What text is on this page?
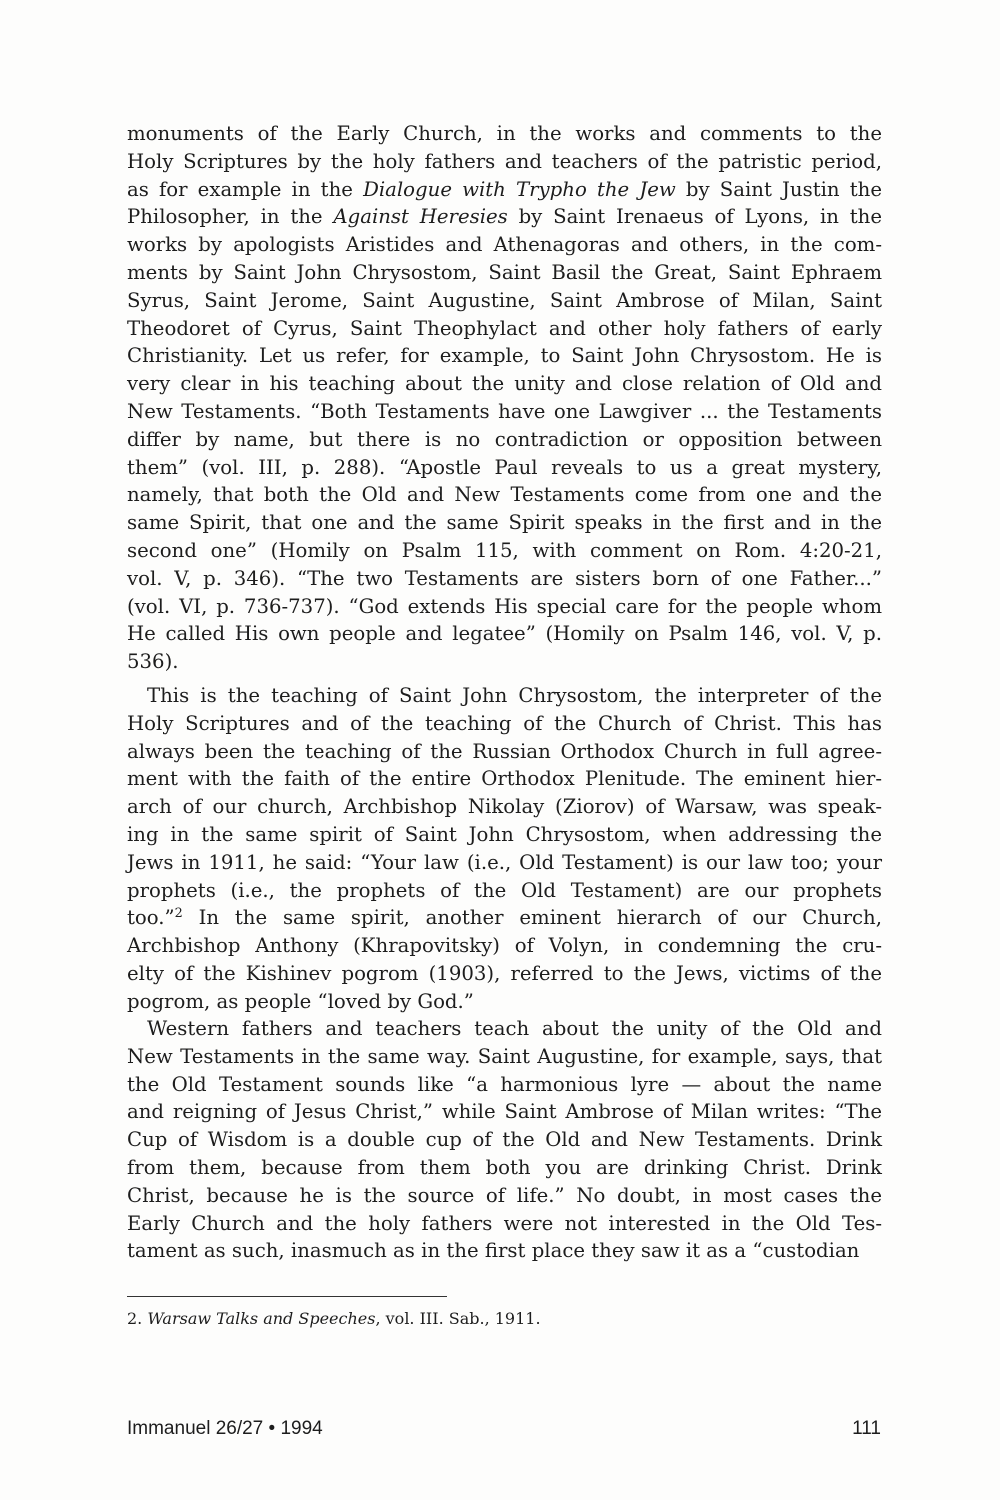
monuments of the Early Church, in the works and comments to the
Holy Scriptures by the holy fathers and teachers of the patristic period,
as for example in the Dialogue with Trypho the Jew by Saint Justin the
Philosopher, in the Against Heresies by Saint Irenaeus of Lyons, in the
works by apologists Aristides and Athenagoras and others, in the com-
ments by Saint John Chrysostom, Saint Basil the Great, Saint Ephraem
Syrus, Saint Jerome, Saint Augustine, Saint Ambrose of Milan, Saint
Theodoret of Cyrus, Saint Theophylact and other holy fathers of early
Christianity. Let us refer, for example, to Saint John Chrysostom. He is
very clear in his teaching about the unity and close relation of Old and
New Testaments. “Both Testaments have one Lawgiver ... the Testaments
differ by name, but there is no contradiction or opposition between
them” (vol. III, p. 288). “Apostle Paul reveals to us a great mystery,
namely, that both the Old and New Testaments come from one and the
same Spirit, that one and the same Spirit speaks in the first and in the
second one” (Homily on Psalm 115, with comment on Rom. 4:20-21,
vol. V, p. 346). “The two Testaments are sisters born of one Father...”
(vol. VI, p. 736-737). “God extends His special care for the people whom
He called His own people and legatee” (Homily on Psalm 146, vol. V, p.
536).
This is the teaching of Saint John Chrysostom, the interpreter of the
Holy Scriptures and of the teaching of the Church of Christ. This has
always been the teaching of the Russian Orthodox Church in full agree-
ment with the faith of the entire Orthodox Plenitude. The eminent hier-
arch of our church, Archbishop Nikolay (Ziorov) of Warsaw, was speak-
ing in the same spirit of Saint John Chrysostom, when addressing the
Jews in 1911, he said: “Your law (i.e., Old Testament) is our law too; your
prophets (i.e., the prophets of the Old Testament) are our prophets
too.”$^2$ In the same spirit, another eminent hierarch of our Church,
Archbishop Anthony (Khrapovitsky) of Volyn, in condemning the cru-
elty of the Kishinev pogrom (1903), referred to the Jews, victims of the
pogrom, as people “loved by God.”
Western fathers and teachers teach about the unity of the Old and
New Testaments in the same way. Saint Augustine, for example, says, that
the Old Testament sounds like “a harmonious lyre — about the name
and reigning of Jesus Christ,” while Saint Ambrose of Milan writes: “The
Cup of Wisdom is a double cup of the Old and New Testaments. Drink
from them, because from them both you are drinking Christ. Drink
Christ, because he is the source of life.” No doubt, in most cases the
Early Church and the holy fathers were not interested in the Old Tes-
tament as such, inasmuch as in the first place they saw it as a “custodian
2. Warsaw Talks and Speeches, vol. III. Sab., 1911.
Immanuel 26/27 • 1994	111
